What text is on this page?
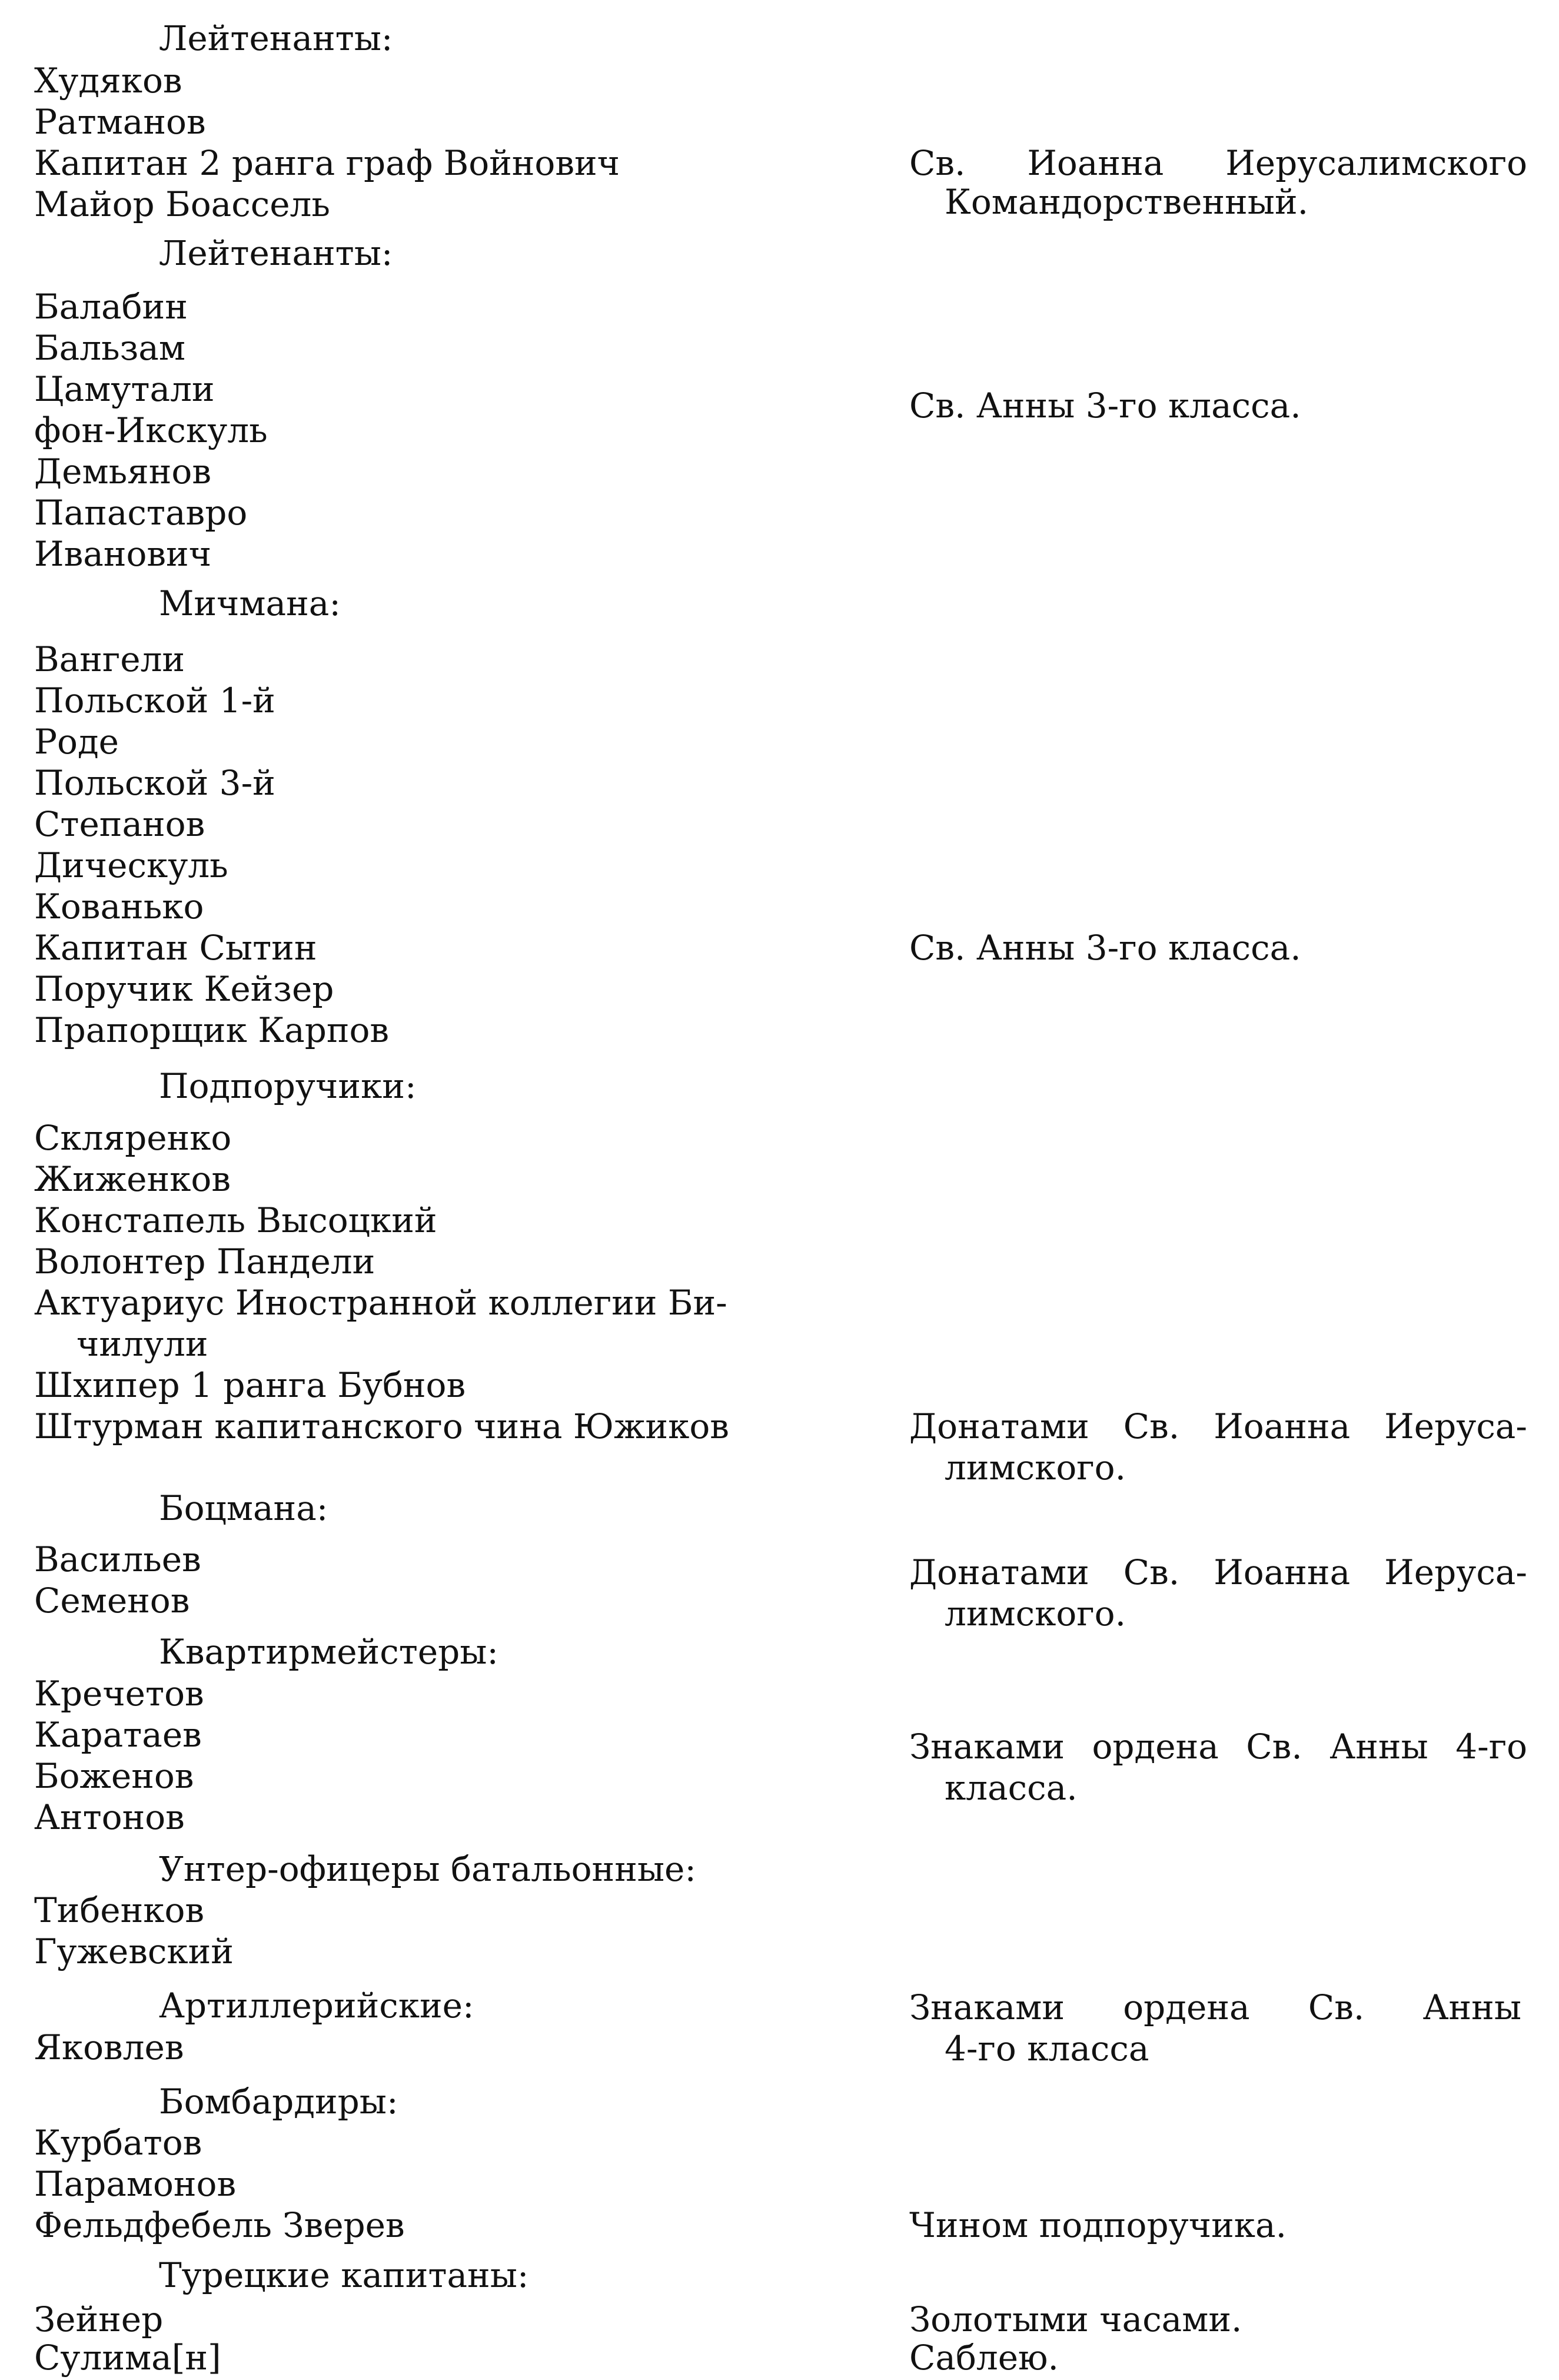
Лейтенанты:
Худяков
Ратманов
Капитан 2 ранга граф Войнович
Майор Боассель
Лейтенанты:
Балабин
Бальзам
Цамутали
фон-Икскуль
Демьянов
Папаставро
Иванович
Мичмана:
Вангели
Польской 1-й
Роде
Польской 3-й
Степанов
Дическуль
Кованько
Капитан Сытин
Поручик Кейзер
Прапорщик Карпов
Подпоручики:
Скляренко
Жиженков
Констапель Высоцкий
Волонтер Пандели
Актуариус Иностранной коллегии Би-
чилули
Шхипер 1 ранга Бубнов
Штурман капитанского чина Южиков
Боцмана:
Васильев
Семенов
Квартирмейстеры:
Кречетов
Каратаев
Боженов
Антонов
Унтер-офицеры батальонные:
Тибенков
Гужевский
Артиллерийские:
Яковлев
Бомбардиры:
Курбатов
Парамонов
Фельдфебель Зверев
Турецкие капитаны:
Зейнер
Сулима[н]
Св. Иоанна Иерусалимского
Командорственный.
Св. Анны 3-го класса.
Св. Анны 3-го класса.
Донатами Св. Иоанна Иеруса-
лимского.
Донатами Св. Иоанна Иеруса-
лимского.
Знаками ордена Св. Анны 4-го
класса.
Знаками ордена Св. Анны
4-го класса
Чином подпоручика.
Золотыми часами.
Саблею.
